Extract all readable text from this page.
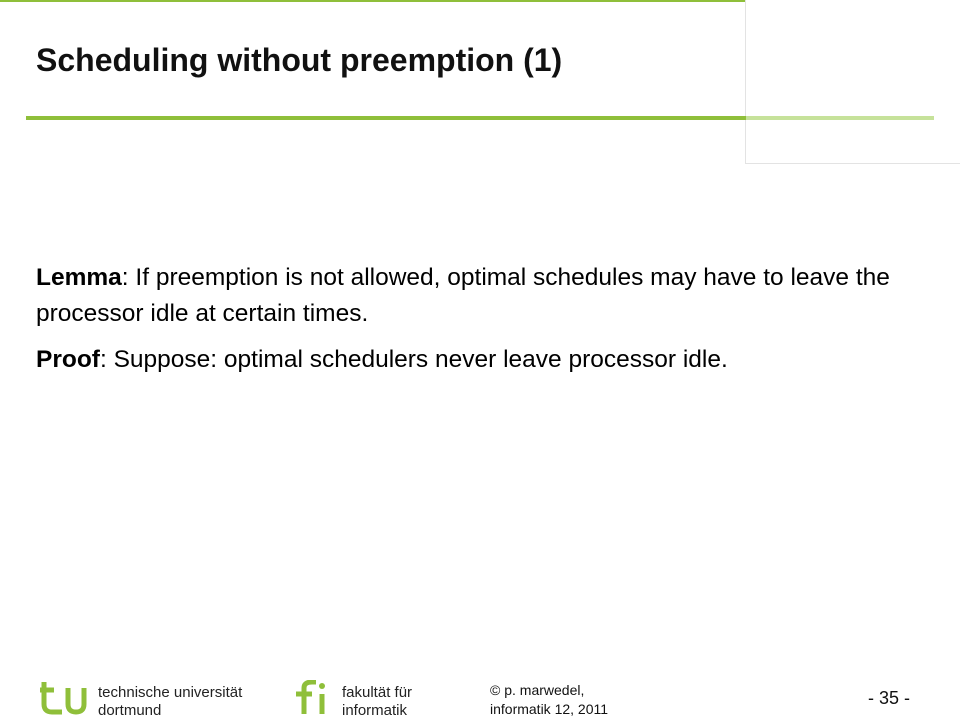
Scheduling without preemption (1)

Lemma: If preemption is not allowed, optimal schedules may have to leave the processor idle at certain times.

Proof: Suppose: optimal schedulers never leave processor idle.

technische universität
dortmund
fakultät für
informatik
© p. marwedel,
informatik 12, 2011
- 35 -
